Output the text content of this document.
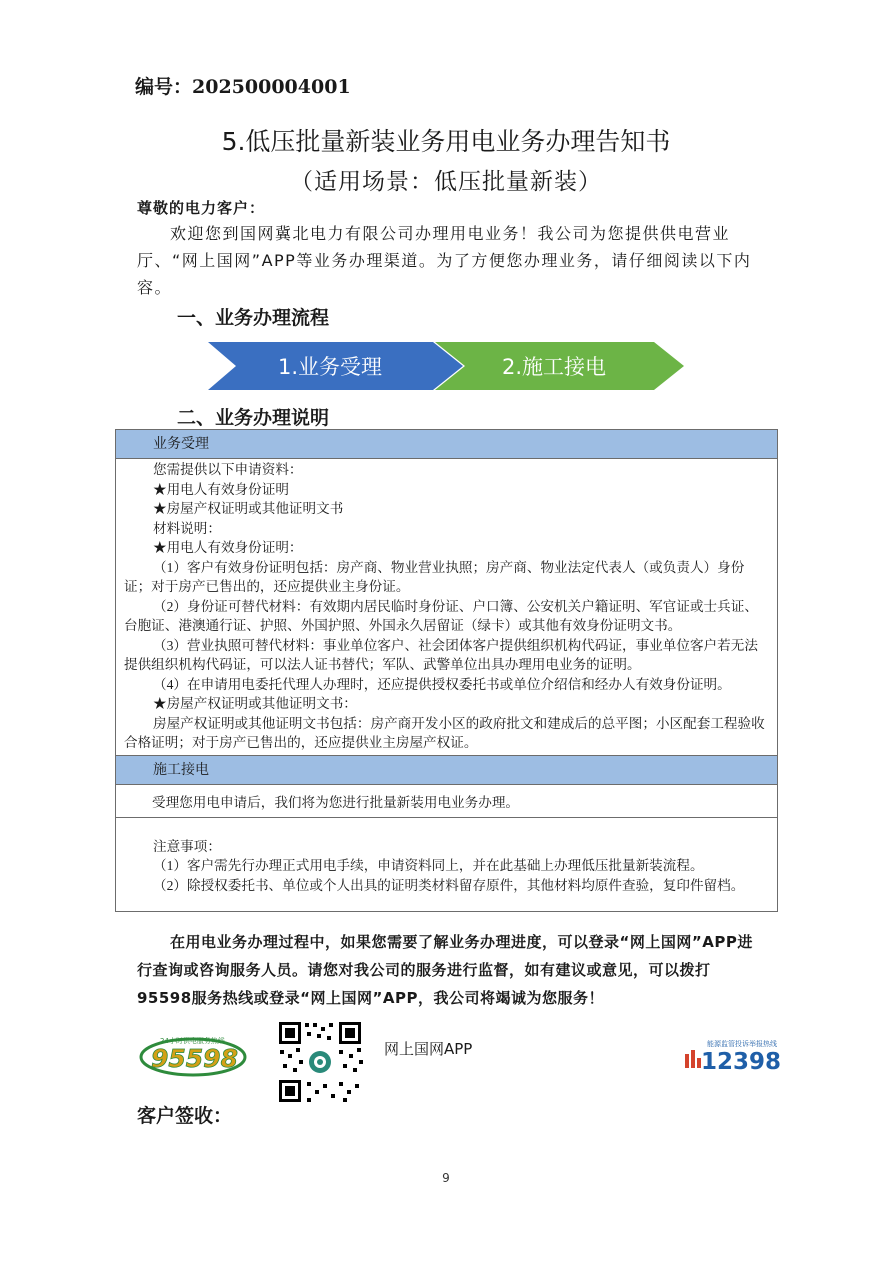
编号：202500004001
5.低压批量新装业务用电业务办理告知书
（适用场景：低压批量新装）
尊敬的电力客户：
欢迎您到国网冀北电力有限公司办理用电业务！我公司为您提供供电营业厅、“网上国网”APP等业务办理渠道。为了方便您办理业务，请仔细阅读以下内容。
一、业务办理流程
1.业务受理	2.施工接电
二、业务办理说明
业务受理

您需提供以下申请资料：

★用电人有效身份证明

★房屋产权证明或其他证明文书

材料说明：

★用电人有效身份证明：

（1）客户有效身份证明包括：房产商、物业营业执照；房产商、物业法定代表人（或负责人）身份证；对于房产已售出的，还应提供业主身份证。

（2）身份证可替代材料：有效期内居民临时身份证、户口簿、公安机关户籍证明、军官证或士兵证、台胞证、港澳通行证、护照、外国护照、外国永久居留证（绿卡）或其他有效身份证明文书。

（3）营业执照可替代材料：事业单位客户、社会团体客户提供组织机构代码证，事业单位客户若无法提供组织机构代码证，可以法人证书替代；军队、武警单位出具办理用电业务的证明。

（4）在申请用电委托代理人办理时，还应提供授权委托书或单位介绍信和经办人有效身份证明。

★房屋产权证明或其他证明文书：

房屋产权证明或其他证明文书包括：房产商开发小区的政府批文和建成后的总平图；小区配套工程验收合格证明；对于房产已售出的，还应提供业主房屋产权证。

施工接电
受理您用电申请后，我们将为您进行批量新装用电业务办理。

注意事项：

（1）客户需先行办理正式用电手续，申请资料同上，并在此基础上办理低压批量新装流程。

（2）除授权委托书、单位或个人出具的证明类材料留存原件，其他材料均原件查验，复印件留档。

在用电业务办理过程中，如果您需要了解业务办理进度，可以登录“网上国网”APP进行查询或咨询服务人员。请您对我公司的服务进行监督，如有建议或意见，可以拨打95598服务热线或登录“网上国网”APP，我公司将竭诚为您服务！
24小时供电服务热线
95598	网上国网APP	能源监管投诉举报热线
12398
客户签收：
9
